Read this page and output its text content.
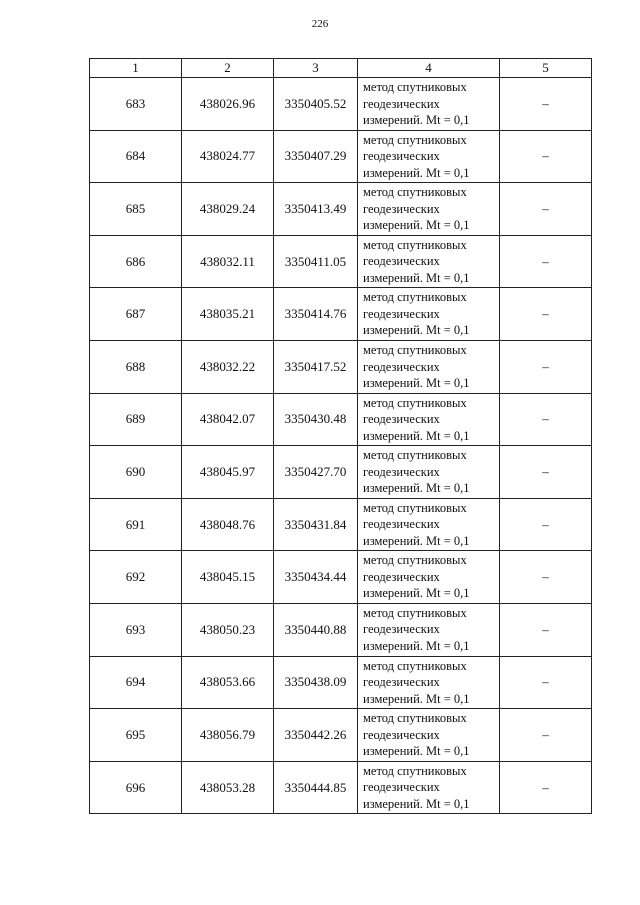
226
1	2	3	4	5
683	438026.96	3350405.52	метод спутниковых
геодезических
измерений. Mt = 0,1	–
684	438024.77	3350407.29	метод спутниковых
геодезических
измерений. Mt = 0,1	–
685	438029.24	3350413.49	метод спутниковых
геодезических
измерений. Mt = 0,1	–
686	438032.11	3350411.05	метод спутниковых
геодезических
измерений. Mt = 0,1	–
687	438035.21	3350414.76	метод спутниковых
геодезических
измерений. Mt = 0,1	–
688	438032.22	3350417.52	метод спутниковых
геодезических
измерений. Mt = 0,1	–
689	438042.07	3350430.48	метод спутниковых
геодезических
измерений. Mt = 0,1	–
690	438045.97	3350427.70	метод спутниковых
геодезических
измерений. Mt = 0,1	–
691	438048.76	3350431.84	метод спутниковых
геодезических
измерений. Mt = 0,1	–
692	438045.15	3350434.44	метод спутниковых
геодезических
измерений. Mt = 0,1	–
693	438050.23	3350440.88	метод спутниковых
геодезических
измерений. Mt = 0,1	–
694	438053.66	3350438.09	метод спутниковых
геодезических
измерений. Mt = 0,1	–
695	438056.79	3350442.26	метод спутниковых
геодезических
измерений. Mt = 0,1	–
696	438053.28	3350444.85	метод спутниковых
геодезических
измерений. Mt = 0,1	–
